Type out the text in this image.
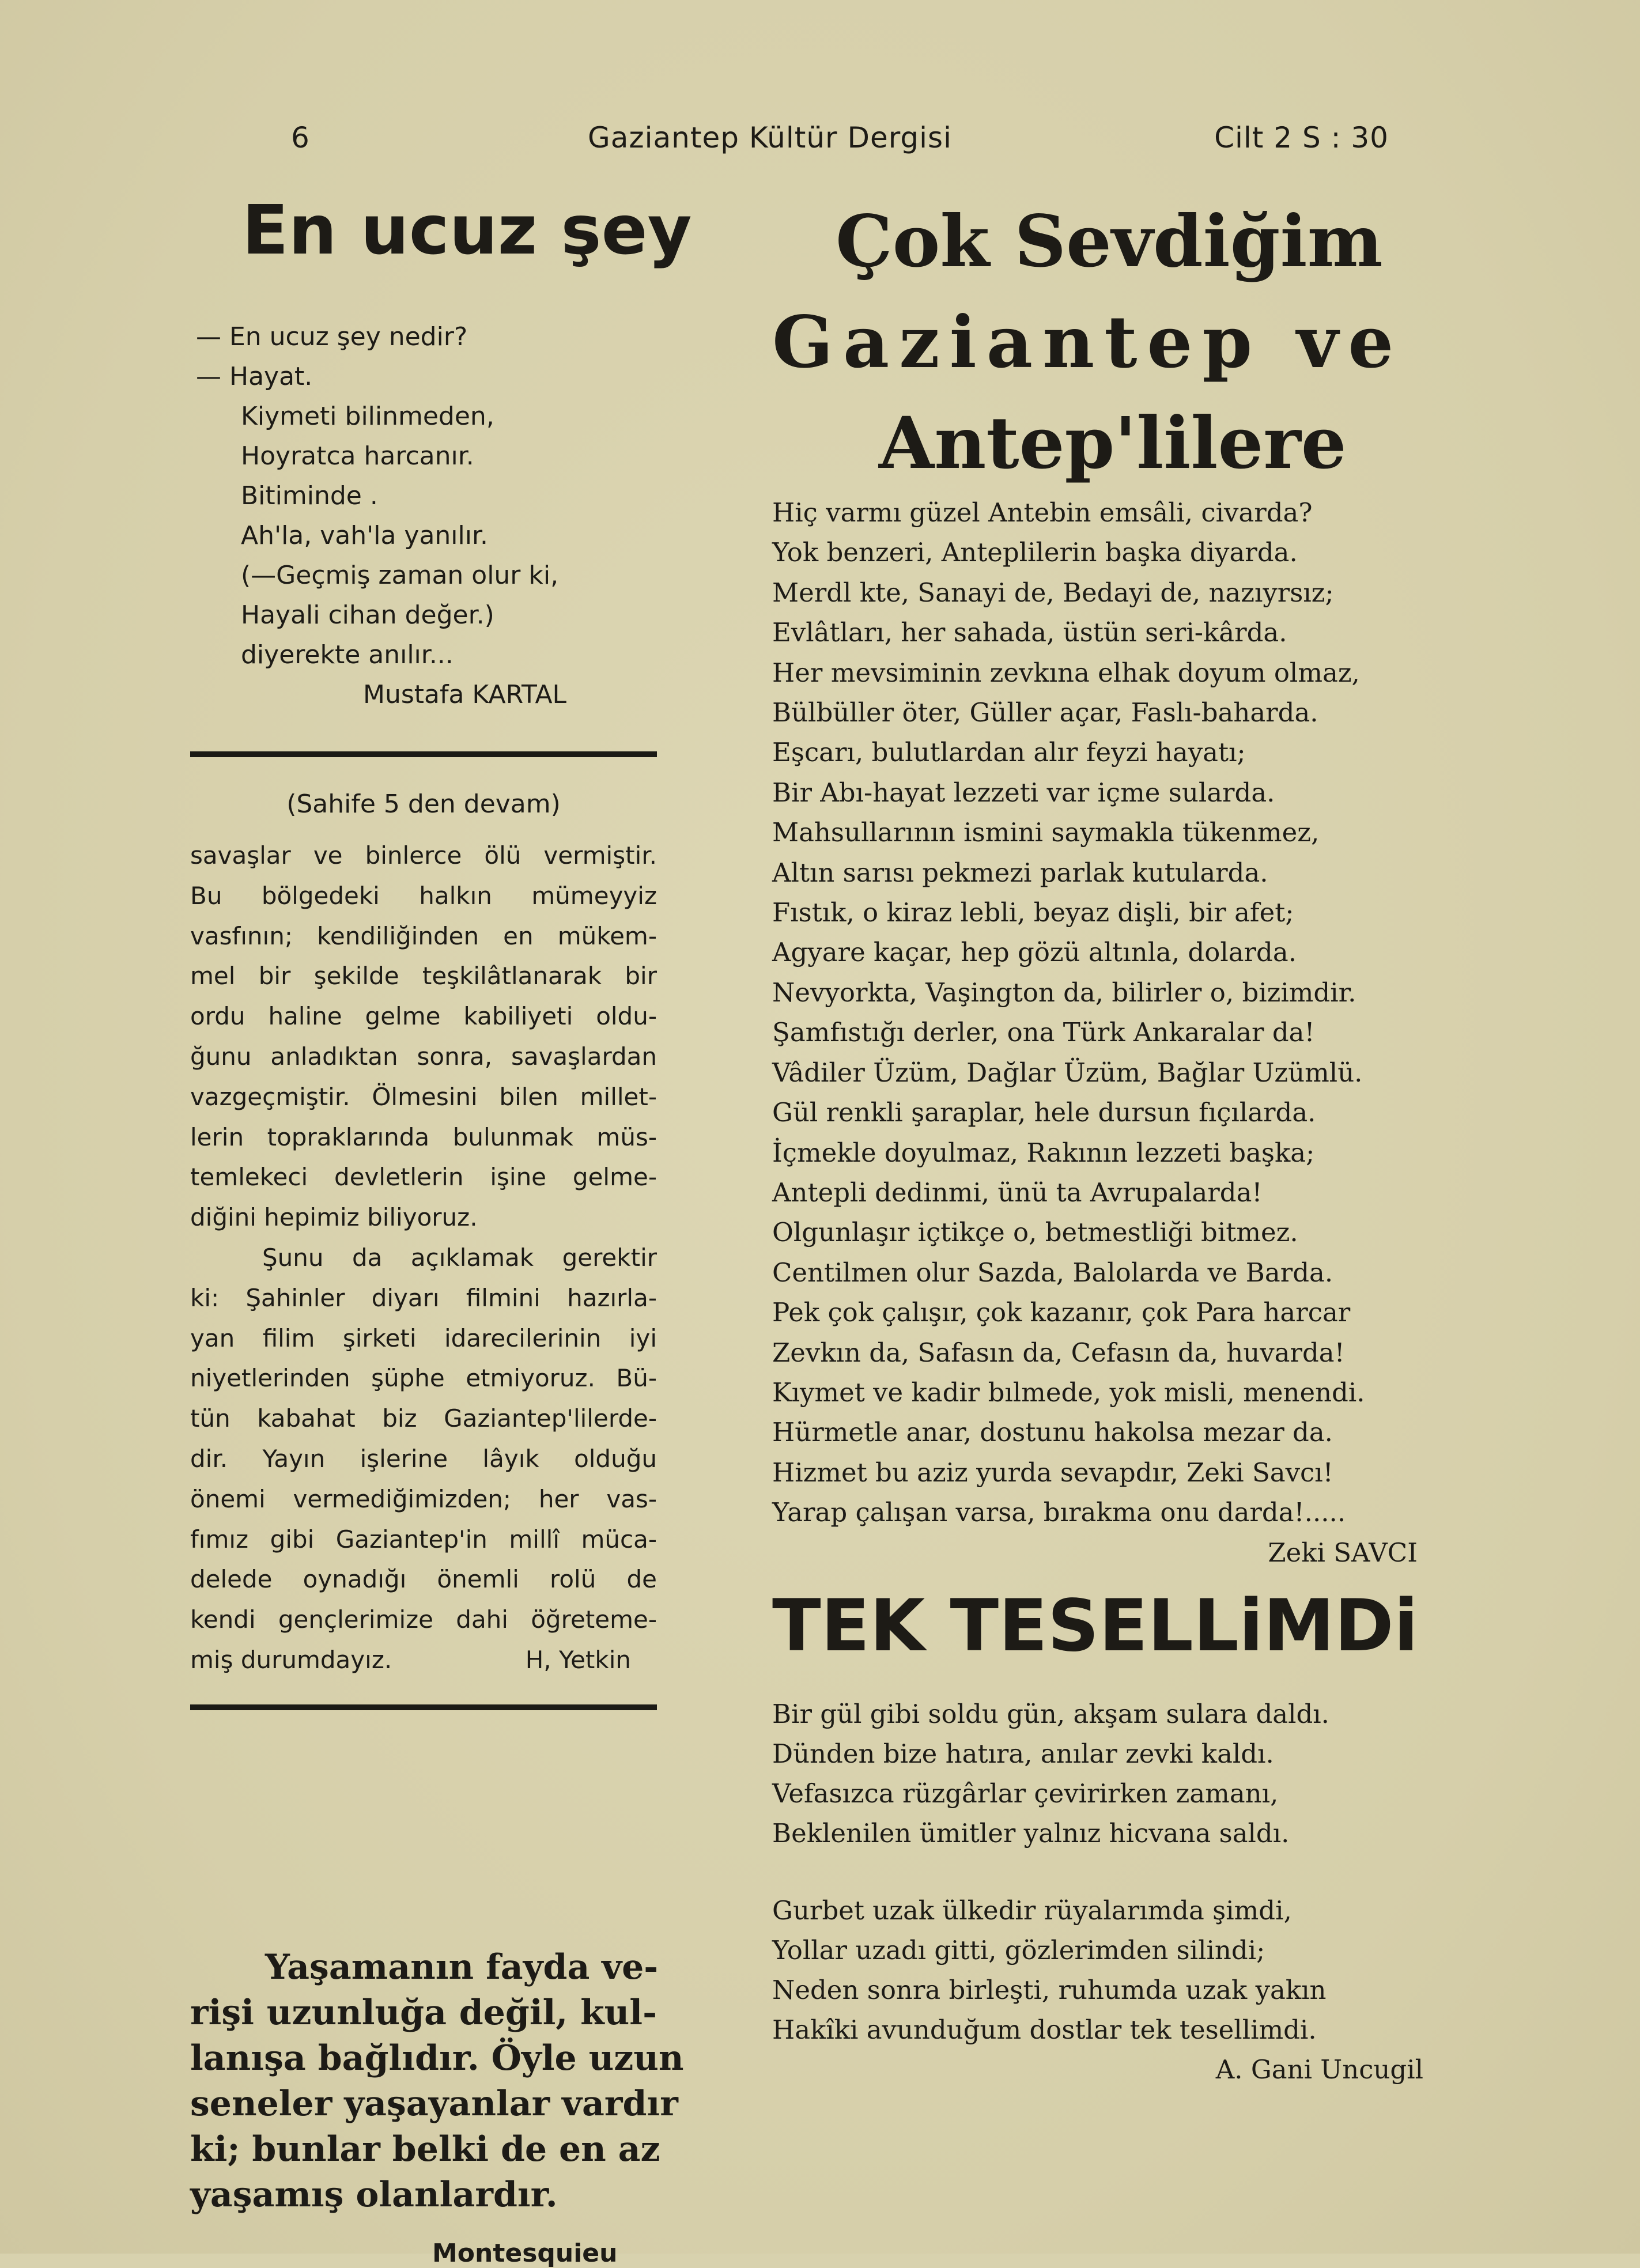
6	Gaziantep Kültür Dergisi	Cilt 2 S : 30
En ucuz şey
— En ucuz şey nedir?
— Hayat.
Kiymeti bilinmeden,
Hoyratca harcanır.
Bitiminde .
Ah'la, vah'la yanılır.
(—Geçmiş zaman olur ki,
Hayali cihan değer.)
diyerekte anılır...
Mustafa KARTAL
(Sahife 5 den devam)
savaşlar ve binlerce ölü vermiştir.
Bu bölgedeki halkın mümeyyiz
vasfının; kendiliğinden en mükem-
mel bir şekilde teşkilâtlanarak bir
ordu haline gelme kabiliyeti oldu-
ğunu anladıktan sonra, savaşlardan
vazgeçmiştir. Ölmesini bilen millet-
lerin topraklarında bulunmak müs-
temlekeci devletlerin işine gelme-
diğini hepimiz biliyoruz.
Şunu da açıklamak gerektir
ki: Şahinler diyarı filmini hazırla-
yan filim şirketi idarecilerinin iyi
niyetlerinden şüphe etmiyoruz. Bü-
tün kabahat biz Gaziantep'lilerde-
dir. Yayın işlerine lâyık olduğu
önemi vermediğimizden; her vas-
fımız gibi Gaziantep'in millî müca-
delede oynadığı önemli rolü de
kendi gençlerimize dahi öğreteme-
miş durumdayız.	H, Yetkin
Yaşamanın fayda ve-
rişi uzunluğa değil, kul-
lanışa bağlıdır. Öyle uzun
seneler yaşayanlar vardır
ki; bunlar belki de en az
yaşamış olanlardır.
Montesquieu
Çok Sevdiğim
Gaziantep ve
Antep'lilere
Hiç varmı güzel Antebin emsâli, civarda?
Yok benzeri, Anteplilerin başka diyarda.
Merdl kte, Sanayi de, Bedayi de, nazıyrsız;
Evlâtları, her sahada, üstün seri-kârda.
Her mevsiminin zevkına elhak doyum olmaz,
Bülbüller öter, Güller açar, Faslı-baharda.
Eşcarı, bulutlardan alır feyzi hayatı;
Bir Abı-hayat lezzeti var içme sularda.
Mahsullarının ismini saymakla tükenmez,
Altın sarısı pekmezi parlak kutularda.
Fıstık, o kiraz lebli, beyaz dişli, bir afet;
Agyare kaçar, hep gözü altınla, dolarda.
Nevyorkta, Vaşington da, bilirler o, bizimdir.
Şamfıstığı derler, ona Türk Ankaralar da!
Vâdiler Üzüm, Dağlar Üzüm, Bağlar Uzümlü.
Gül renkli şaraplar, hele dursun fıçılarda.
İçmekle doyulmaz, Rakının lezzeti başka;
Antepli dedinmi, ünü ta Avrupalarda!
Olgunlaşır içtikçe o, betmestliği bitmez.
Centilmen olur Sazda, Balolarda ve Barda.
Pek çok çalışır, çok kazanır, çok Para harcar
Zevkın da, Safasın da, Cefasın da, huvarda!
Kıymet ve kadir bılmede, yok misli, menendi.
Hürmetle anar, dostunu hakolsa mezar da.
Hizmet bu aziz yurda sevapdır, Zeki Savcı!
Yarap çalışan varsa, bırakma onu darda!.....
Zeki SAVCI
TEK TESELLiMDi
Bir gül gibi soldu gün, akşam sulara daldı.
Dünden bize hatıra, anılar zevki kaldı.
Vefasızca rüzgârlar çevirirken zamanı,
Beklenilen ümitler yalnız hicvana saldı.
Gurbet uzak ülkedir rüyalarımda şimdi,
Yollar uzadı gitti, gözlerimden silindi;
Neden sonra birleşti, ruhumda uzak yakın
Hakîki avunduğum dostlar tek tesellimdi.
A. Gani Uncugil
